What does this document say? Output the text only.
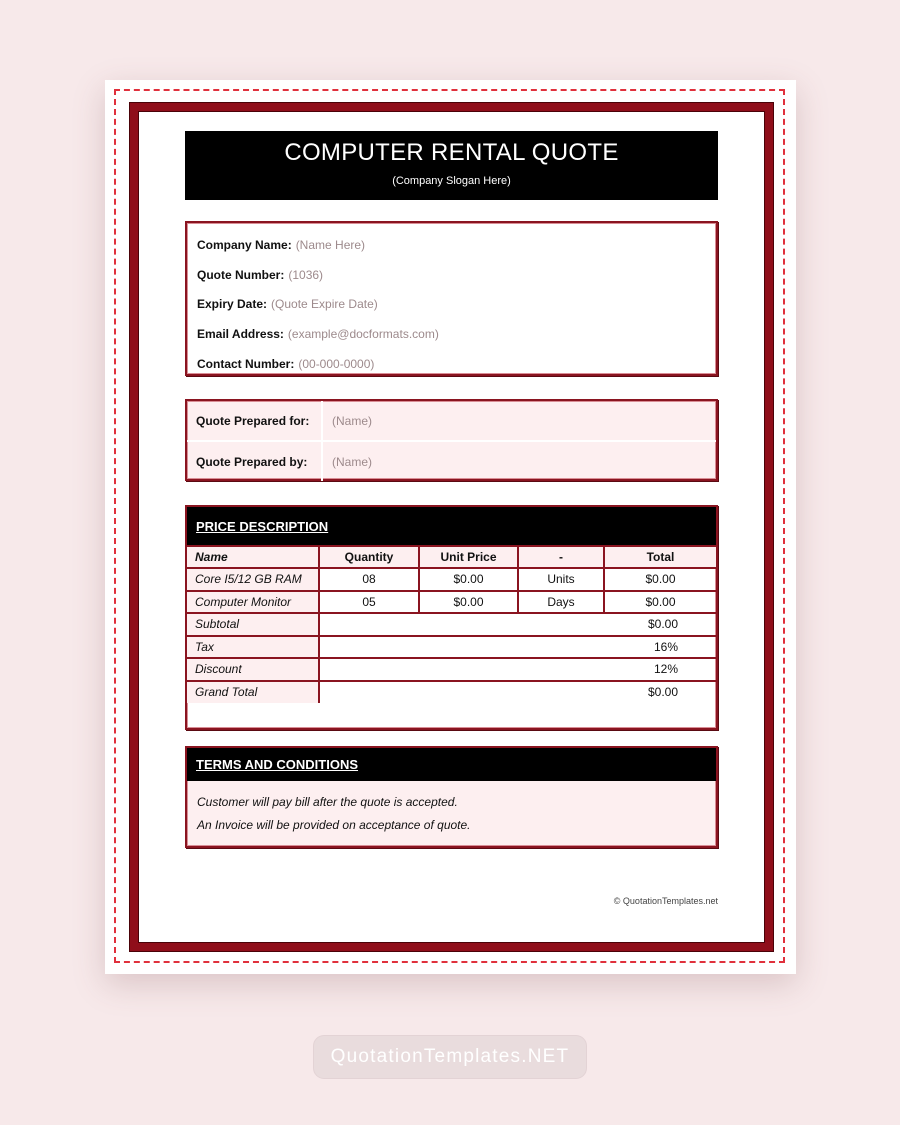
COMPUTER RENTAL QUOTE
(Company Slogan Here)
Company Name: (Name Here)
Quote Number: (1036)
Expiry Date: (Quote Expire Date)
Email Address: (example@docformats.com)
Contact Number: (00-000-0000)
Quote Prepared for:	(Name)
Quote Prepared by:	(Name)
PRICE DESCRIPTION
Name	Quantity	Unit Price	-	Total
Core I5/12 GB RAM	08	$0.00	Units	$0.00
Computer Monitor	05	$0.00	Days	$0.00
Subtotal	$0.00			
Tax	16%			
Discount	12%			
Grand Total	$0.00			
TERMS AND CONDITIONS
Customer will pay bill after the quote is accepted.
An Invoice will be provided on acceptance of quote.
© QuotationTemplates.net
QuotationTemplates.NET
